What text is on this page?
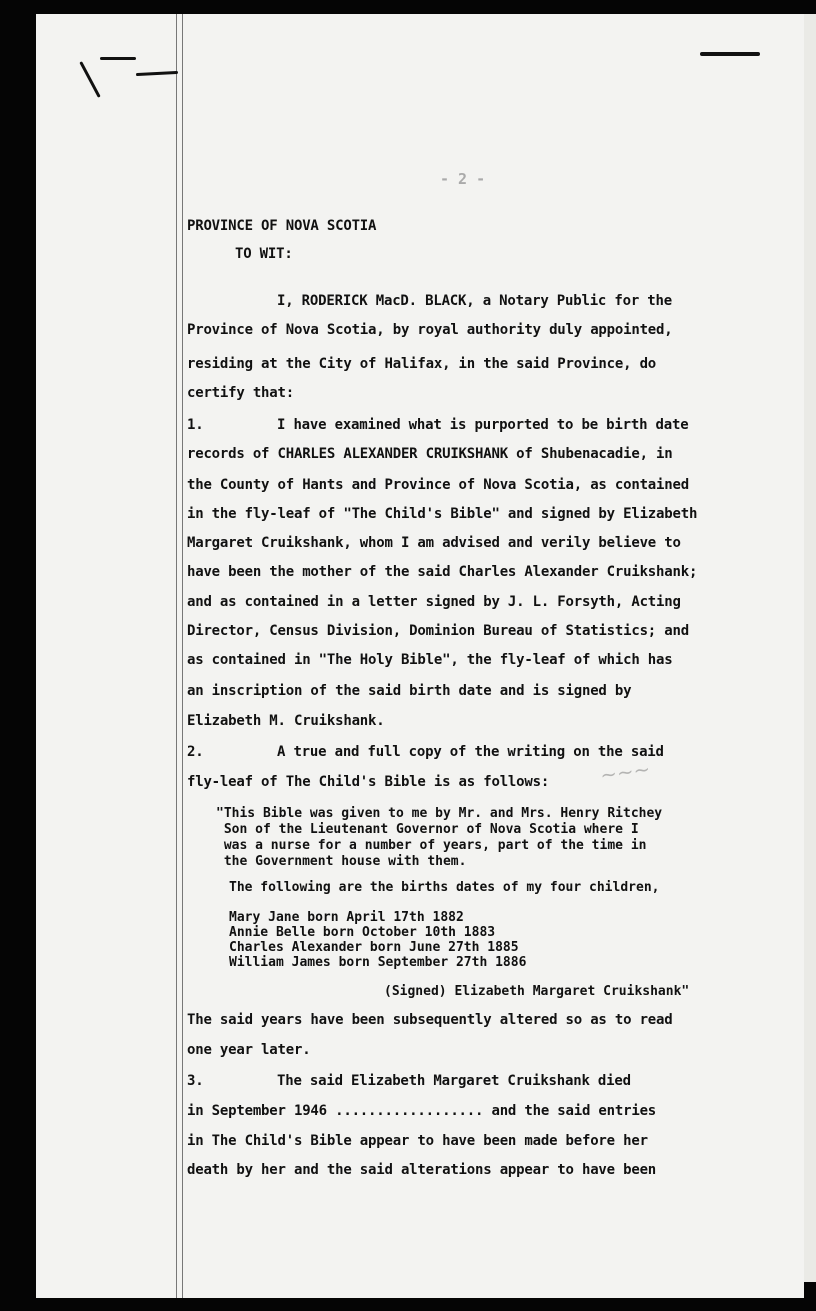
- 2 -
~~~
PROVINCE OF NOVA SCOTIA
TO WIT:
I, RODERICK MacD. BLACK, a Notary Public for the
Province of Nova Scotia, by royal authority duly appointed,
residing at the City of Halifax, in the said Province, do
certify that:
1.	I have examined what is purported to be birth date
records of CHARLES ALEXANDER CRUIKSHANK of Shubenacadie, in
the County of Hants and Province of Nova Scotia, as contained
in the fly-leaf of "The Child's Bible" and signed by Elizabeth
Margaret Cruikshank, whom I am advised and verily believe to
have been the mother of the said Charles Alexander Cruikshank;
and as contained in a letter signed by J. L. Forsyth, Acting
Director, Census Division, Dominion Bureau of Statistics; and
as contained in "The Holy Bible", the fly-leaf of which has
an inscription of the said birth date and is signed by
Elizabeth M. Cruikshank.
2.	A true and full copy of the writing on the said
fly-leaf of The Child's Bible is as follows:
The said years have been subsequently altered so as to read
one year later.
3.	The said Elizabeth Margaret Cruikshank died
in September 1946 .................. and the said entries
in The Child's Bible appear to have been made before her
death by her and the said alterations appear to have been
"This Bible was given to me by Mr. and Mrs. Henry Ritchey
Son of the Lieutenant Governor of Nova Scotia where I
was a nurse for a number of years, part of the time in
the Government house with them.
The following are the births dates of my four children,
Mary Jane born April 17th 1882
Annie Belle born October 10th 1883
Charles Alexander born June 27th 1885
William James born September 27th 1886
(Signed) Elizabeth Margaret Cruikshank"
